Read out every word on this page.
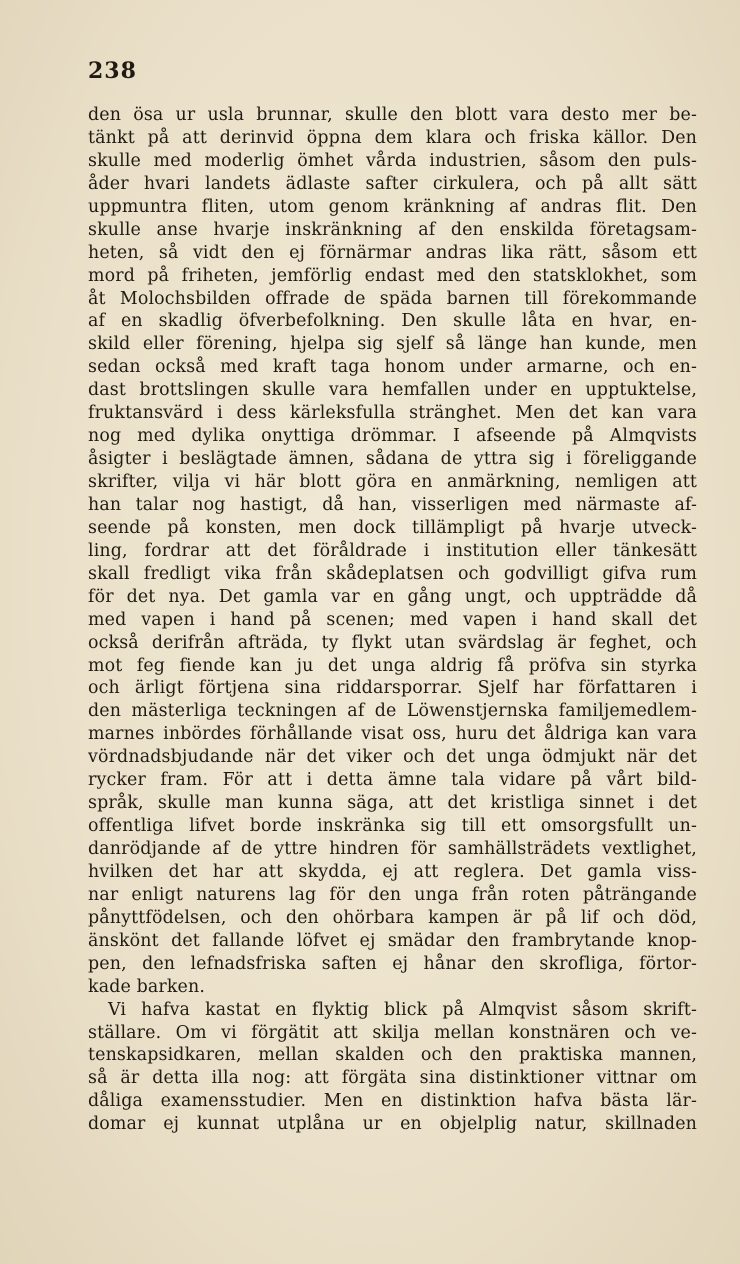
238
den ösa ur usla brunnar, skulle den blott vara desto mer be-
tänkt på att derinvid öppna dem klara och friska källor. Den
skulle med moderlig ömhet vårda industrien, såsom den puls-
åder hvari landets ädlaste safter cirkulera, och på allt sätt
uppmuntra fliten, utom genom kränkning af andras flit. Den
skulle anse hvarje inskränkning af den enskilda företagsam-
heten, så vidt den ej förnärmar andras lika rätt, såsom ett
mord på friheten, jemförlig endast med den statsklokhet, som
åt Molochsbilden offrade de späda barnen till förekommande
af en skadlig öfverbefolkning. Den skulle låta en hvar, en-
skild eller förening, hjelpa sig sjelf så länge han kunde, men
sedan också med kraft taga honom under armarne, och en-
dast brottslingen skulle vara hemfallen under en upptuktelse,
fruktansvärd i dess kärleksfulla stränghet. Men det kan vara
nog med dylika onyttiga drömmar. I afseende på Almqvists
åsigter i beslägtade ämnen, sådana de yttra sig i föreliggande
skrifter, vilja vi här blott göra en anmärkning, nemligen att
han talar nog hastigt, då han, visserligen med närmaste af-
seende på konsten, men dock tillämpligt på hvarje utveck-
ling, fordrar att det föråldrade i institution eller tänkesätt
skall fredligt vika från skådeplatsen och godvilligt gifva rum
för det nya. Det gamla var en gång ungt, och uppträdde då
med vapen i hand på scenen; med vapen i hand skall det
också derifrån afträda, ty flykt utan svärdslag är feghet, och
mot feg fiende kan ju det unga aldrig få pröfva sin styrka
och ärligt förtjena sina riddarsporrar. Sjelf har författaren i
den mästerliga teckningen af de Löwenstjernska familjemedlem-
marnes inbördes förhållande visat oss, huru det åldriga kan vara
vördnadsbjudande när det viker och det unga ödmjukt när det
rycker fram. För att i detta ämne tala vidare på vårt bild-
språk, skulle man kunna säga, att det kristliga sinnet i det
offentliga lifvet borde inskränka sig till ett omsorgsfullt un-
danrödjande af de yttre hindren för samhällsträdets vextlighet,
hvilken det har att skydda, ej att reglera. Det gamla viss-
nar enligt naturens lag för den unga från roten påträngande
pånyttfödelsen, och den ohörbara kampen är på lif och död,
änskönt det fallande löfvet ej smädar den frambrytande knop-
pen, den lefnadsfriska saften ej hånar den skrofliga, förtor-
kade barken.
Vi hafva kastat en flyktig blick på Almqvist såsom skrift-
ställare. Om vi förgätit att skilja mellan konstnären och ve-
tenskapsidkaren, mellan skalden och den praktiska mannen,
så är detta illa nog: att förgäta sina distinktioner vittnar om
dåliga examensstudier. Men en distinktion hafva bästa lär-
domar ej kunnat utplåna ur en objelplig natur, skillnaden
